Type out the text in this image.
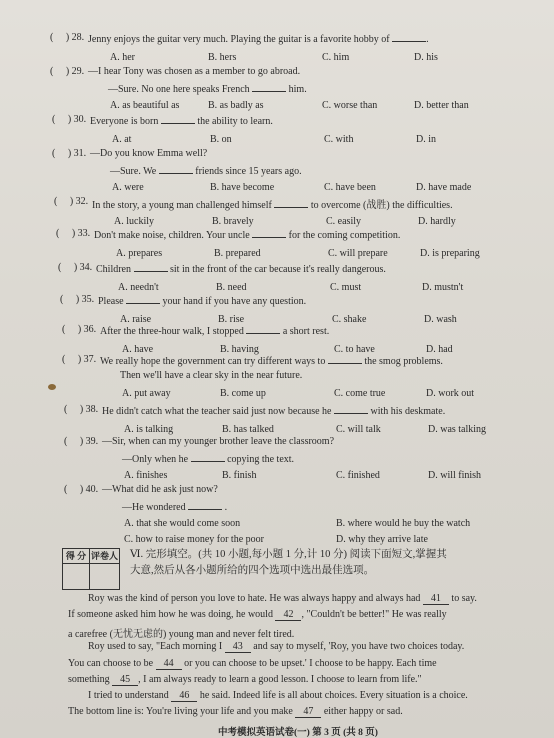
(     ) 28. Jenny enjoys the guitar very much. Playing the guitar is a favorite hobby of	.
A. her	B. hers	C. him	D. his
(     ) 29. —I hear Tony was chosen as a member to go abroad.
—Sure. No one here speaks French	him.
A. as beautiful as	B. as badly as	C. worse than	D. better than
(     ) 30. Everyone is born	the ability to learn.
A. at	B. on	C. with	D. in
(     ) 31. —Do you know Emma well?
—Sure. We	friends since 15 years ago.
A. were	B. have become	C. have been	D. have made
(     ) 32. In the story, a young man challenged himself	to overcome (战胜) the difficulties.
A. luckily	B. bravely	C. easily	D. hardly
(     ) 33. Don't make noise, children. Your uncle	for the coming competition.
A. prepares	B. prepared	C. will prepare	D. is preparing
(     ) 34. Children	sit in the front of the car because it's really dangerous.
A. needn't	B. need	C. must	D. mustn't
(     ) 35. Please	your hand if you have any question.
A. raise	B. rise	C. shake	D. wash
(     ) 36. After the three-hour walk, I stopped	a short rest.
A. have	B. having	C. to have	D. had
(     ) 37. We really hope the government can try different ways to	the smog problems.
Then we'll have a clear sky in the near future.
A. put away	B. come up	C. come true	D. work out
(     ) 38. He didn't catch what the teacher said just now because he	with his deskmate.
A. is talking	B. has talked	C. will talk	D. was talking
(     ) 39. —Sir, when can my younger brother leave the classroom?
—Only when he	copying the text.
A. finishes	B. finish	C. finished	D. will finish
(     ) 40. —What did he ask just now?
—He wondered	.
A. that she would come soon	B. where would he buy the watch
C. how to raise money for the poor	D. why they arrive late
得 分 评卷人 Ⅵ. 完形填空。(共 10 小题,每小题 1 分,计 10 分) 阅读下面短文,掌握其
大意,然后从各小题所给的四个选项中选出最佳选项。
Roy was the kind of person you love to hate. He was always happy and always had 41 to say.
If someone asked him how he was doing, he would 42 , "Couldn't be better!" He was really
a carefree (无忧无虑的) young man and never felt tired.
Roy used to say, "Each morning I 43 and say to myself, 'Roy, you have two choices today.
You can choose to be 44 or you can choose to be upset.' I choose to be happy. Each time
something 45 , I am always ready to learn a good lesson. I choose to learn from life."
I tried to understand 46 he said. Indeed life is all about choices. Every situation is a choice.
The bottom line is: You're living your life and you make 47 either happy or sad.
中考模拟英语试卷(一) 第 3 页 (共 8 页)
